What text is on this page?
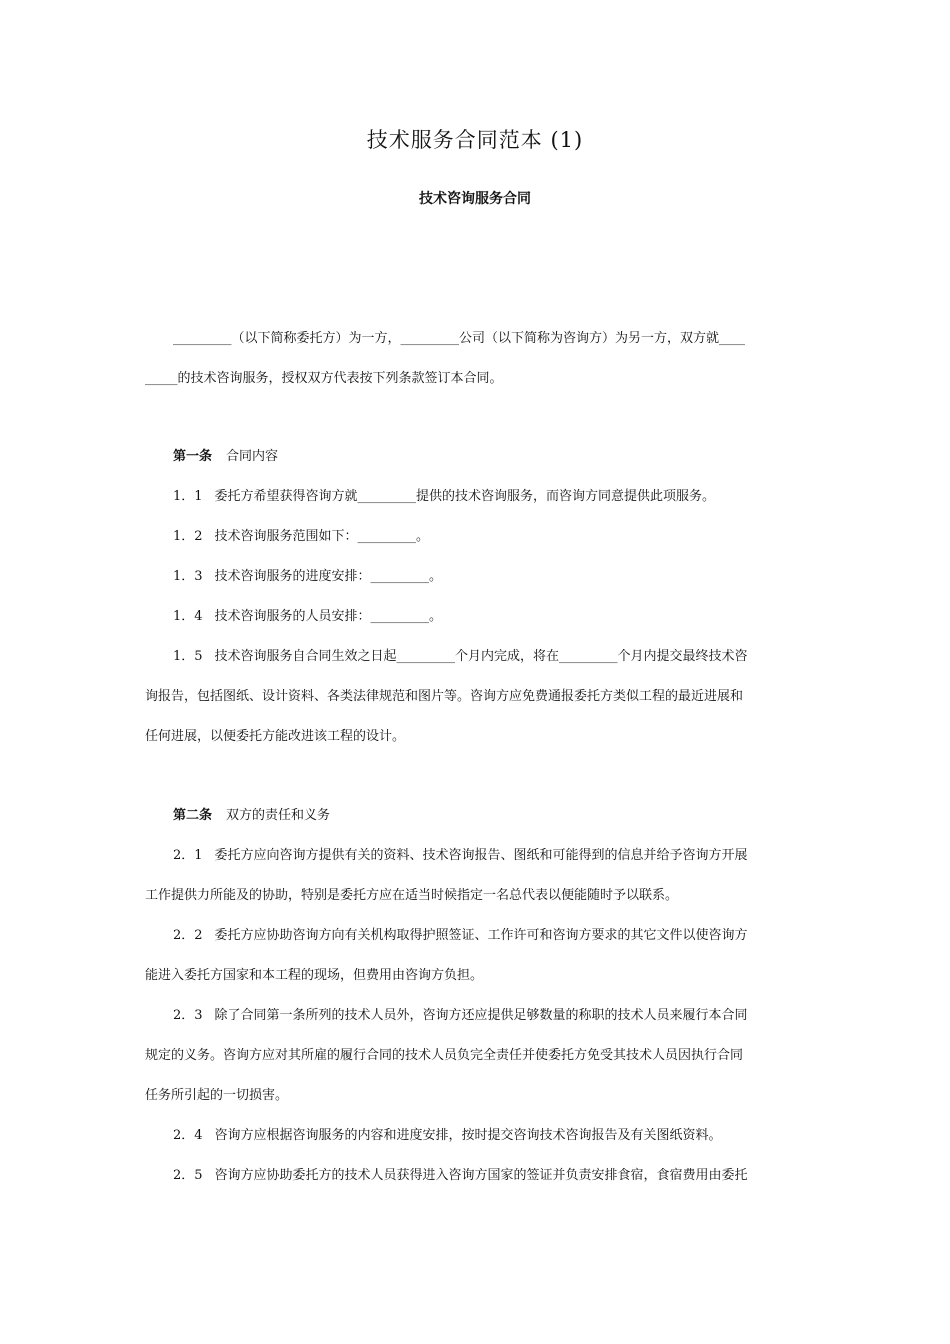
技术服务合同范本 (1)
技术咨询服务合同
_________（以下简称委托方）为一方，_________公司（以下简称为咨询方）为另一方，双方就____
_____的技术咨询服务，授权双方代表按下列条款签订本合同。
第一条 合同内容
1．1 委托方希望获得咨询方就_________提供的技术咨询服务，而咨询方同意提供此项服务。
1．2 技术咨询服务范围如下：_________。
1．3 技术咨询服务的进度安排：_________。
1．4 技术咨询服务的人员安排：_________。
1．5 技术咨询服务自合同生效之日起_________个月内完成，将在_________个月内提交最终技术咨
询报告，包括图纸、设计资料、各类法律规范和图片等。咨询方应免费通报委托方类似工程的最近进展和
任何进展，以便委托方能改进该工程的设计。
第二条 双方的责任和义务
2．1 委托方应向咨询方提供有关的资料、技术咨询报告、图纸和可能得到的信息并给予咨询方开展
工作提供力所能及的协助，特别是委托方应在适当时候指定一名总代表以便能随时予以联系。
2．2 委托方应协助咨询方向有关机构取得护照签证、工作许可和咨询方要求的其它文件以使咨询方
能进入委托方国家和本工程的现场，但费用由咨询方负担。
2．3 除了合同第一条所列的技术人员外，咨询方还应提供足够数量的称职的技术人员来履行本合同
规定的义务。咨询方应对其所雇的履行合同的技术人员负完全责任并使委托方免受其技术人员因执行合同
任务所引起的一切损害。
2．4 咨询方应根据咨询服务的内容和进度安排，按时提交咨询技术咨询报告及有关图纸资料。
2．5 咨询方应协助委托方的技术人员获得进入咨询方国家的签证并负责安排食宿，食宿费用由委托
